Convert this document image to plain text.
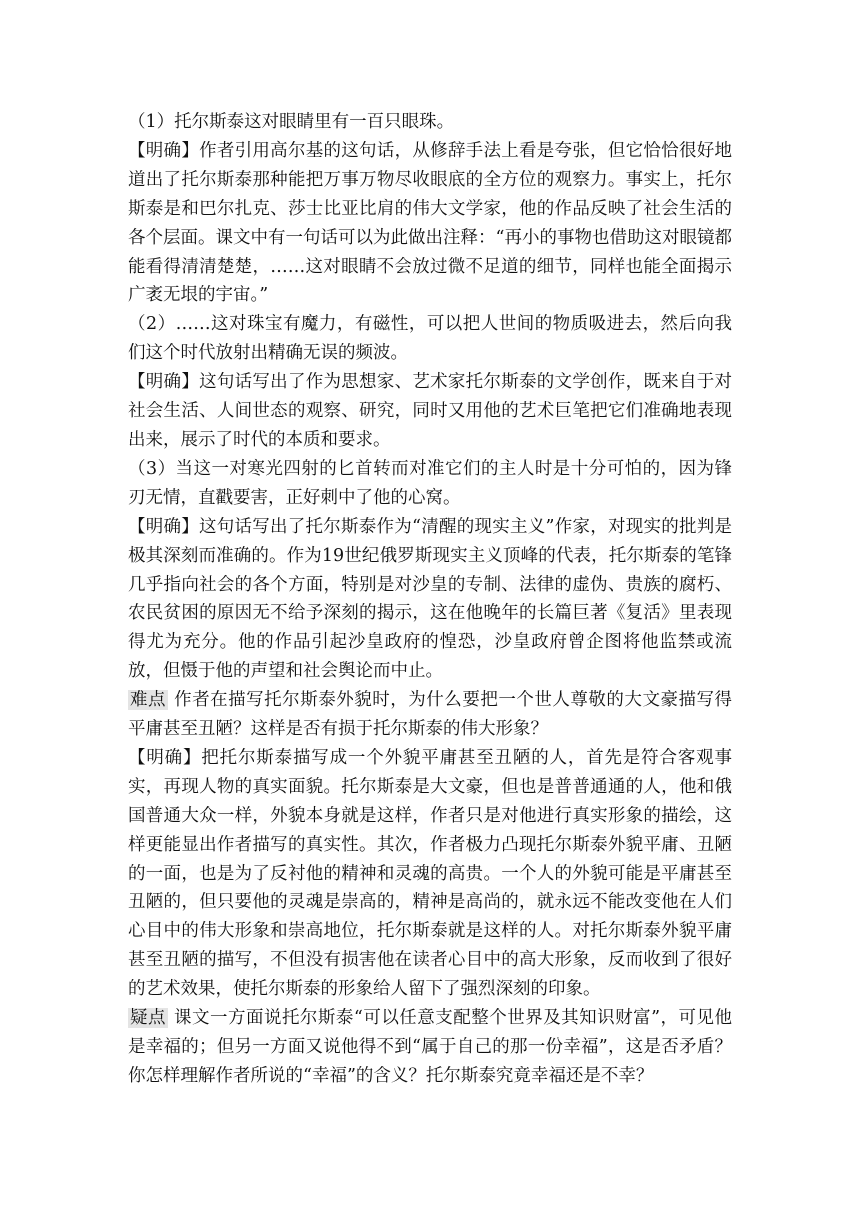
（1）托尔斯泰这对眼睛里有一百只眼珠。

【明确】作者引用高尔基的这句话，从修辞手法上看是夸张，但它恰恰很好地道出了托尔斯泰那种能把万事万物尽收眼底的全方位的观察力。事实上，托尔斯泰是和巴尔扎克、莎士比亚比肩的伟大文学家，他的作品反映了社会生活的各个层面。课文中有一句话可以为此做出注释：“再小的事物也借助这对眼镜都能看得清清楚楚，……这对眼睛不会放过微不足道的细节，同样也能全面揭示广袤无垠的宇宙。”

（2）……这对珠宝有魔力，有磁性，可以把人世间的物质吸进去，然后向我们这个时代放射出精确无误的频波。

【明确】这句话写出了作为思想家、艺术家托尔斯泰的文学创作，既来自于对社会生活、人间世态的观察、研究，同时又用他的艺术巨笔把它们准确地表现出来，展示了时代的本质和要求。

（3）当这一对寒光四射的匕首转而对准它们的主人时是十分可怕的，因为锋刃无情，直戳要害，正好刺中了他的心窝。

【明确】这句话写出了托尔斯泰作为“清醒的现实主义”作家，对现实的批判是极其深刻而准确的。作为19世纪俄罗斯现实主义顶峰的代表，托尔斯泰的笔锋几乎指向社会的各个方面，特别是对沙皇的专制、法律的虚伪、贵族的腐朽、农民贫困的原因无不给予深刻的揭示，这在他晚年的长篇巨著《复活》里表现得尤为充分。他的作品引起沙皇政府的惶恐，沙皇政府曾企图将他监禁或流放，但慑于他的声望和社会舆论而中止。

难点 作者在描写托尔斯泰外貌时，为什么要把一个世人尊敬的大文豪描写得平庸甚至丑陋？这样是否有损于托尔斯泰的伟大形象？

【明确】把托尔斯泰描写成一个外貌平庸甚至丑陋的人，首先是符合客观事实，再现人物的真实面貌。托尔斯泰是大文豪，但也是普普通通的人，他和俄国普通大众一样，外貌本身就是这样，作者只是对他进行真实形象的描绘，这样更能显出作者描写的真实性。其次，作者极力凸现托尔斯泰外貌平庸、丑陋的一面，也是为了反衬他的精神和灵魂的高贵。一个人的外貌可能是平庸甚至丑陋的，但只要他的灵魂是崇高的，精神是高尚的，就永远不能改变他在人们心目中的伟大形象和崇高地位，托尔斯泰就是这样的人。对托尔斯泰外貌平庸甚至丑陋的描写，不但没有损害他在读者心目中的高大形象，反而收到了很好的艺术效果，使托尔斯泰的形象给人留下了强烈深刻的印象。

疑点 课文一方面说托尔斯泰“可以任意支配整个世界及其知识财富”，可见他是幸福的；但另一方面又说他得不到“属于自己的那一份幸福”，这是否矛盾？你怎样理解作者所说的“幸福”的含义？托尔斯泰究竟幸福还是不幸？
